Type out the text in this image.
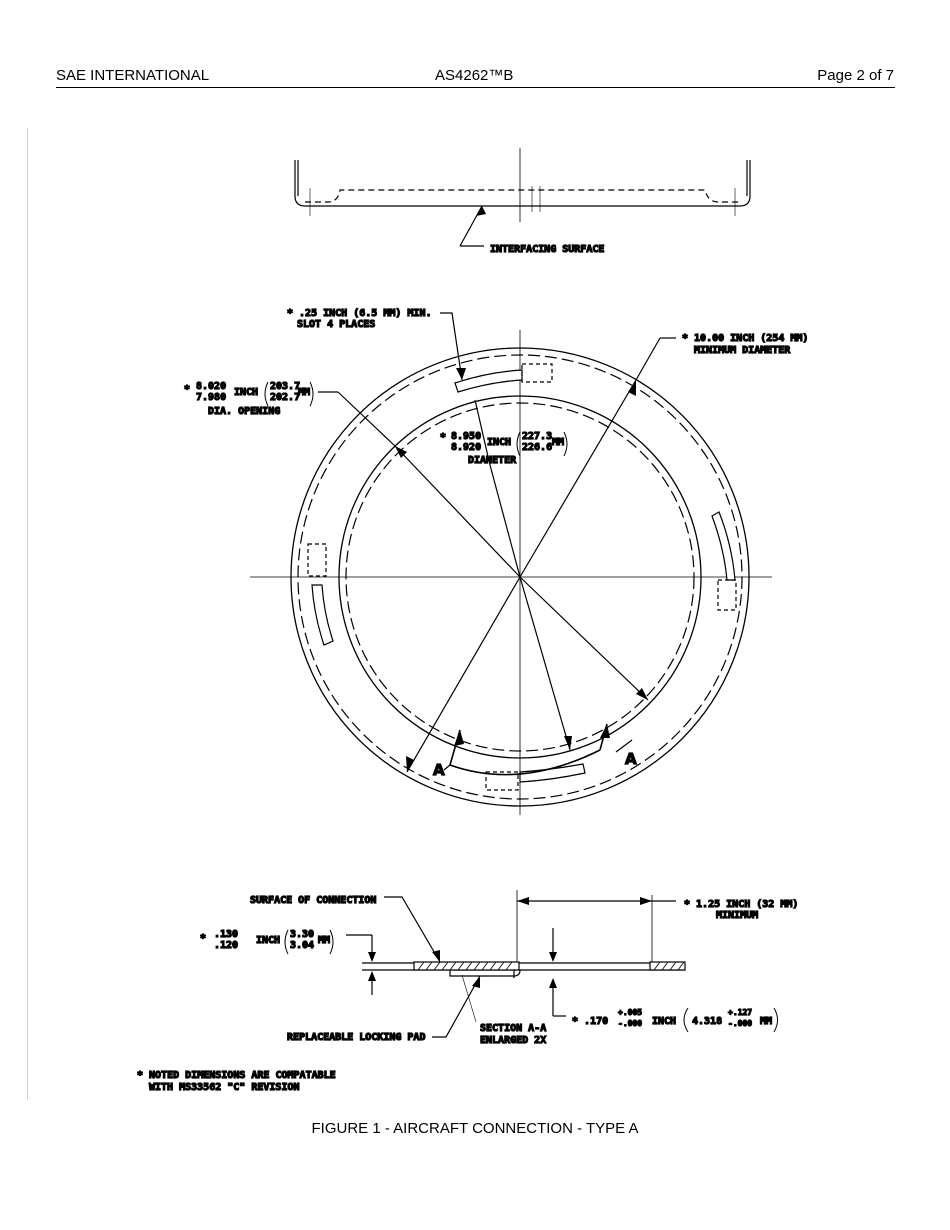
SAE INTERNATIONAL	AS4262™B	Page 2 of 7
INTERFACING SURFACE
* .25 INCH (6.5 MM) MIN.
SLOT 4 PLACES
* 10.00 INCH (254 MM)
MINIMUM DIAMETER
* 8.020
7.980 INCH
203.7
202.7
MM
DIA. OPENING
* 8.950
8.920 INCH
227.3
226.6 MM
DIAMETER
A
A
SURFACE OF CONNECTION	* 1.25 INCH (32 MM)
MINIMUM
* .130
.120 INCH
3.30
3.04 MM
REPLACEABLE LOCKING PAD
SECTION A-A
ENLARGED 2X
* .170
+.005
-.000 INCH 4.318
+.127
-.000 MM
* NOTED DIMENSIONS ARE COMPATABLE
WITH MS33562 "C" REVISION
FIGURE 1 - AIRCRAFT CONNECTION - TYPE A
